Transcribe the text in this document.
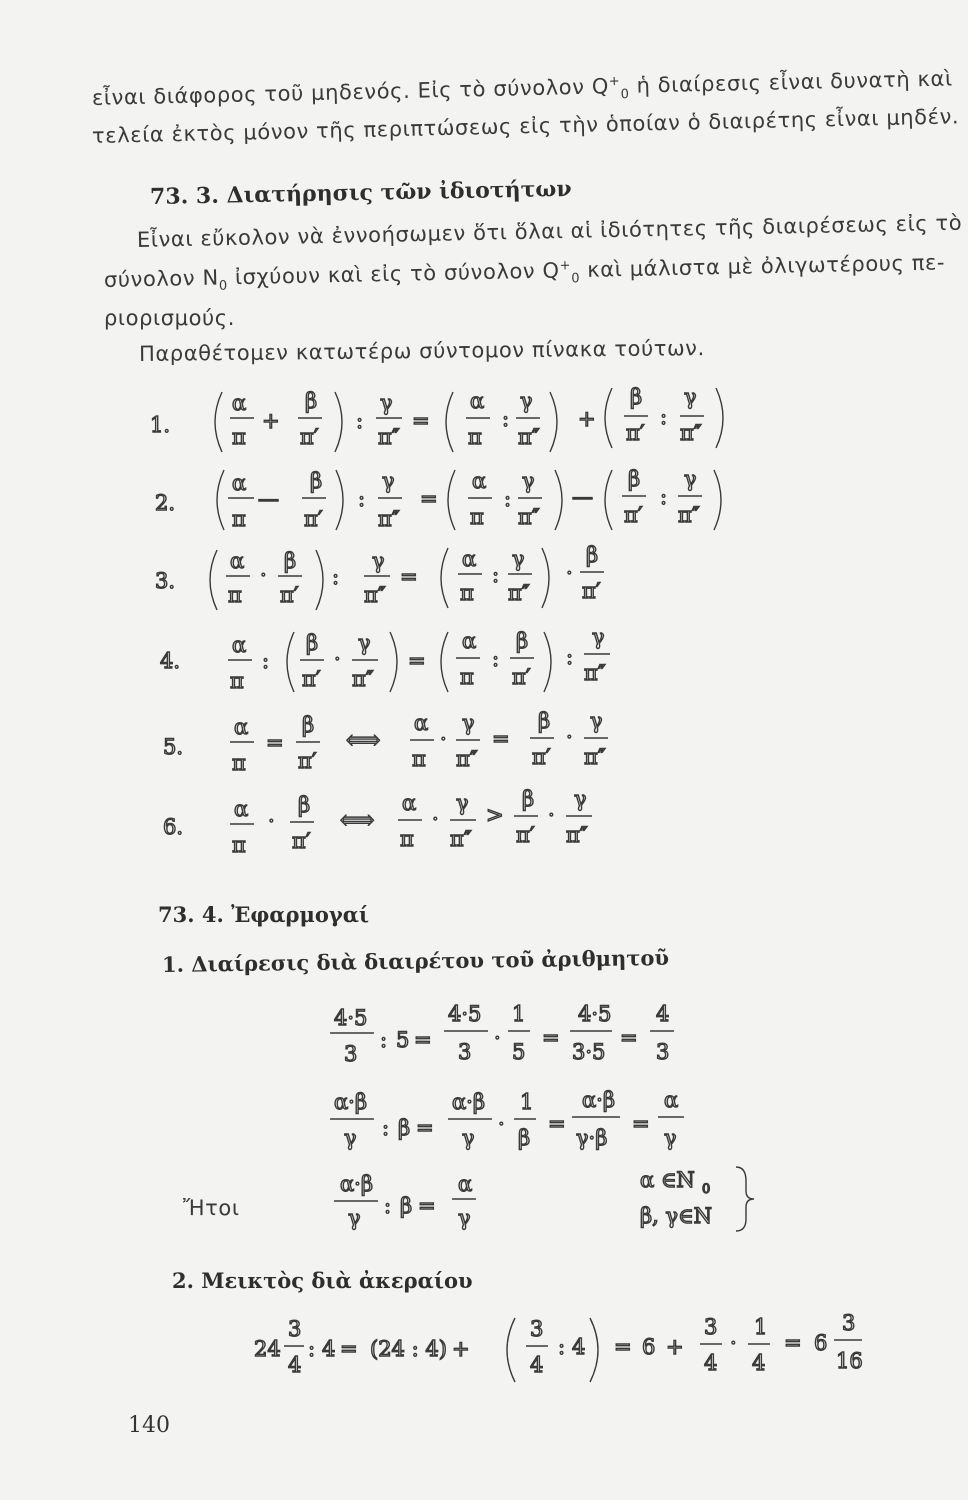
εἶναι διάφορος τοῦ μηδενός. Εἰς τὸ σύνολον $Q^+_0$ ἡ διαίρεσις εἶναι δυνατὴ καὶ
τελεία ἐκτὸς μόνον τῆς περιπτώσεως εἰς τὴν ὁποίαν ὁ διαιρέτης εἶναι μηδέν.
73. 3. Διατήρησις τῶν ἰδιοτήτων
Εἶναι εὔκολον νὰ ἐννοήσωμεν ὅτι ὅλαι αἱ ἰδιότητες τῆς διαιρέσεως εἰς τὸ
σύνολον $N_0$ ἰσχύουν καὶ εἰς τὸ σύνολον $Q^+_0$ καὶ μάλιστα μὲ ὀλιγωτέρους πε-
ριορισμούς.
Παραθέτομεν κατωτέρω σύντομον πίνακα τούτων.
1.
α
π
+
β
π′
:
γ
π″
=
α
π
:
γ
π″
+
β
π′
:
γ
π″
2.
α
π
—
β
π′
:
γ
π″
=
α
π
:
γ
π″
—
β
π′
:
γ
π″
3.
α
π
·
β
π′
:
γ
π″
=
α
π
:
γ
π″
·
β
π′
4.
α
π
:
β
π′
·
γ
π″
=
α
π
:
β
π′
:
γ
π″
5.
α
π
=
β
π′
⟺
α
π
·
γ
π″
=
β
π′
·
γ
π″
6.
α
π
·
β
π′
⟺
α
π
·
γ
π″
>
β
π′
·
γ
π″
73. 4. Ἐφαρμογαί
1. Διαίρεσις διὰ διαιρέτου τοῦ ἀριθμητοῦ
4·5
3
: 5 =
4·5
3
·
1
5
=
4·5
3·5
=
4
3
α·β
γ : β =
α·β
γ
·
1
β
=
α·β
γ·β
=
α
γ
α·β
γ : β =
α
γ
α ∈N 0
β, γ∈N
Ἤτοι
2. Μεικτὸς διὰ ἀκεραίου
24
3
4
: 4 = (24 : 4) +
3
4
: 4 = 6 +
3
4
·
1
4
= 6
3
16
140
